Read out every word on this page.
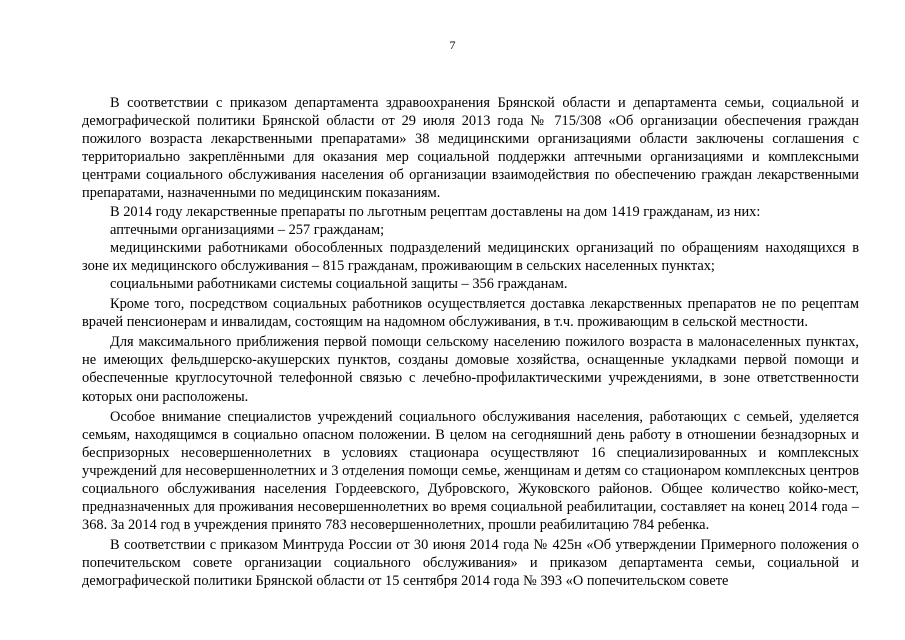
7

В соответствии с приказом департамента здравоохранения Брянской области и департамента семьи, социальной и демографической политики Брянской области от 29 июля 2013 года № 715/308 «Об организации обеспечения граждан пожилого возраста лекарственными препаратами» 38 медицинскими организациями области заключены соглашения с территориально закреплёнными для оказания мер социальной поддержки аптечными организациями и комплексными центрами социального обслуживания населения об организации взаимодействия по обеспечению граждан лекарственными препаратами, назначенными по медицинским показаниям.

В 2014 году лекарственные препараты по льготным рецептам доставлены на дом 1419 гражданам, из них:

аптечными организациями – 257 гражданам;

медицинскими работниками обособленных подразделений медицинских организаций по обращениям находящихся в зоне их медицинского обслуживания – 815 гражданам, проживающим в сельских населенных пунктах;

социальными работниками системы социальной защиты – 356 гражданам.

Кроме того, посредством социальных работников осуществляется доставка лекарственных препаратов не по рецептам врачей пенсионерам и инвалидам, состоящим на надомном обслуживания, в т.ч. проживающим в сельской местности.

Для максимального приближения первой помощи сельскому населению пожилого возраста в малонаселенных пунктах, не имеющих фельдшерско-акушерских пунктов, созданы домовые хозяйства, оснащенные укладками первой помощи и обеспеченные круглосуточной телефонной связью с лечебно-профилактическими учреждениями, в зоне ответственности которых они расположены.

Особое внимание специалистов учреждений социального обслуживания населения, работающих с семьей, уделяется семьям, находящимся в социально опасном положении. В целом на сегодняшний день работу в отношении безнадзорных и беспризорных несовершеннолетних в условиях стационара осуществляют 16 специализированных и комплексных учреждений для несовершеннолетних и 3 отделения помощи семье, женщинам и детям со стационаром комплексных центров социального обслуживания населения Гордеевского, Дубровского, Жуковского районов. Общее количество койко-мест, предназначенных для проживания несовершеннолетних во время социальной реабилитации, составляет на конец 2014 года – 368. За 2014 год в учреждения принято 783 несовершеннолетних, прошли реабилитацию 784 ребенка.

В соответствии с приказом Минтруда России от 30 июня 2014 года № 425н «Об утверждении Примерного положения о попечительском совете организации социального обслуживания» и приказом департамента семьи, социальной и демографической политики Брянской области от 15 сентября 2014 года № 393 «О попечительском совете
